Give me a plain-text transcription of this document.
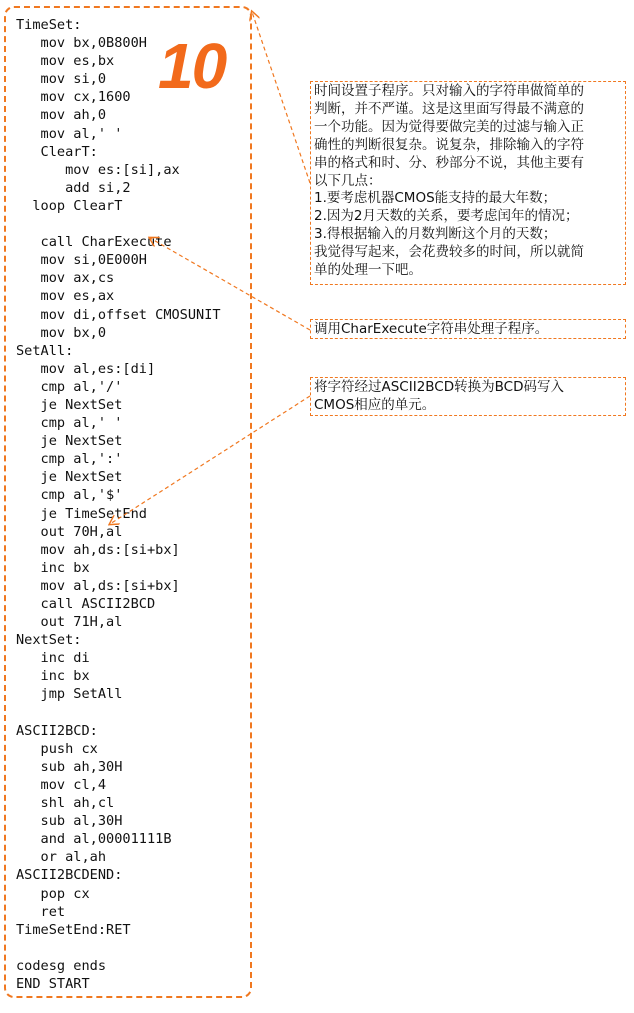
TimeSet:
mov bx,0B800H
mov es,bx
mov si,0
mov cx,1600
mov ah,0
mov al,' '
ClearT:
mov es:[si],ax
add si,2
loop ClearT
call CharExecute
mov si,0E000H
mov ax,cs
mov es,ax
mov di,offset CMOSUNIT
mov bx,0
SetAll:
mov al,es:[di]
cmp al,'/'
je NextSet
cmp al,' '
je NextSet
cmp al,':'
je NextSet
cmp al,'$'
je TimeSetEnd
out 70H,al
mov ah,ds:[si+bx]
inc bx
mov al,ds:[si+bx]
call ASCII2BCD
out 71H,al
NextSet:
inc di
inc bx
jmp SetAll
ASCII2BCD:
push cx
sub ah,30H
mov cl,4
shl ah,cl
sub al,30H
and al,00001111B
or al,ah
ASCII2BCDEND:
pop cx
ret
TimeSetEnd:RET
codesg ends
END START
10	时间设置子程序。只对输入的字符串做简单的
判断，并不严谨。这是这里面写得最不满意的
一个功能。因为觉得要做完美的过滤与输入正
确性的判断很复杂。说复杂，排除输入的字符
串的格式和时、分、秒部分不说，其他主要有
以下几点：
1.要考虑机器CMOS能支持的最大年数；
2.因为2月天数的关系，要考虑闰年的情况；
3.得根据输入的月数判断这个月的天数；
我觉得写起来，会花费较多的时间，所以就简
单的处理一下吧。
调用CharExecute字符串处理子程序。
将字符经过ASCII2BCD转换为BCD码写入
CMOS相应的单元。
